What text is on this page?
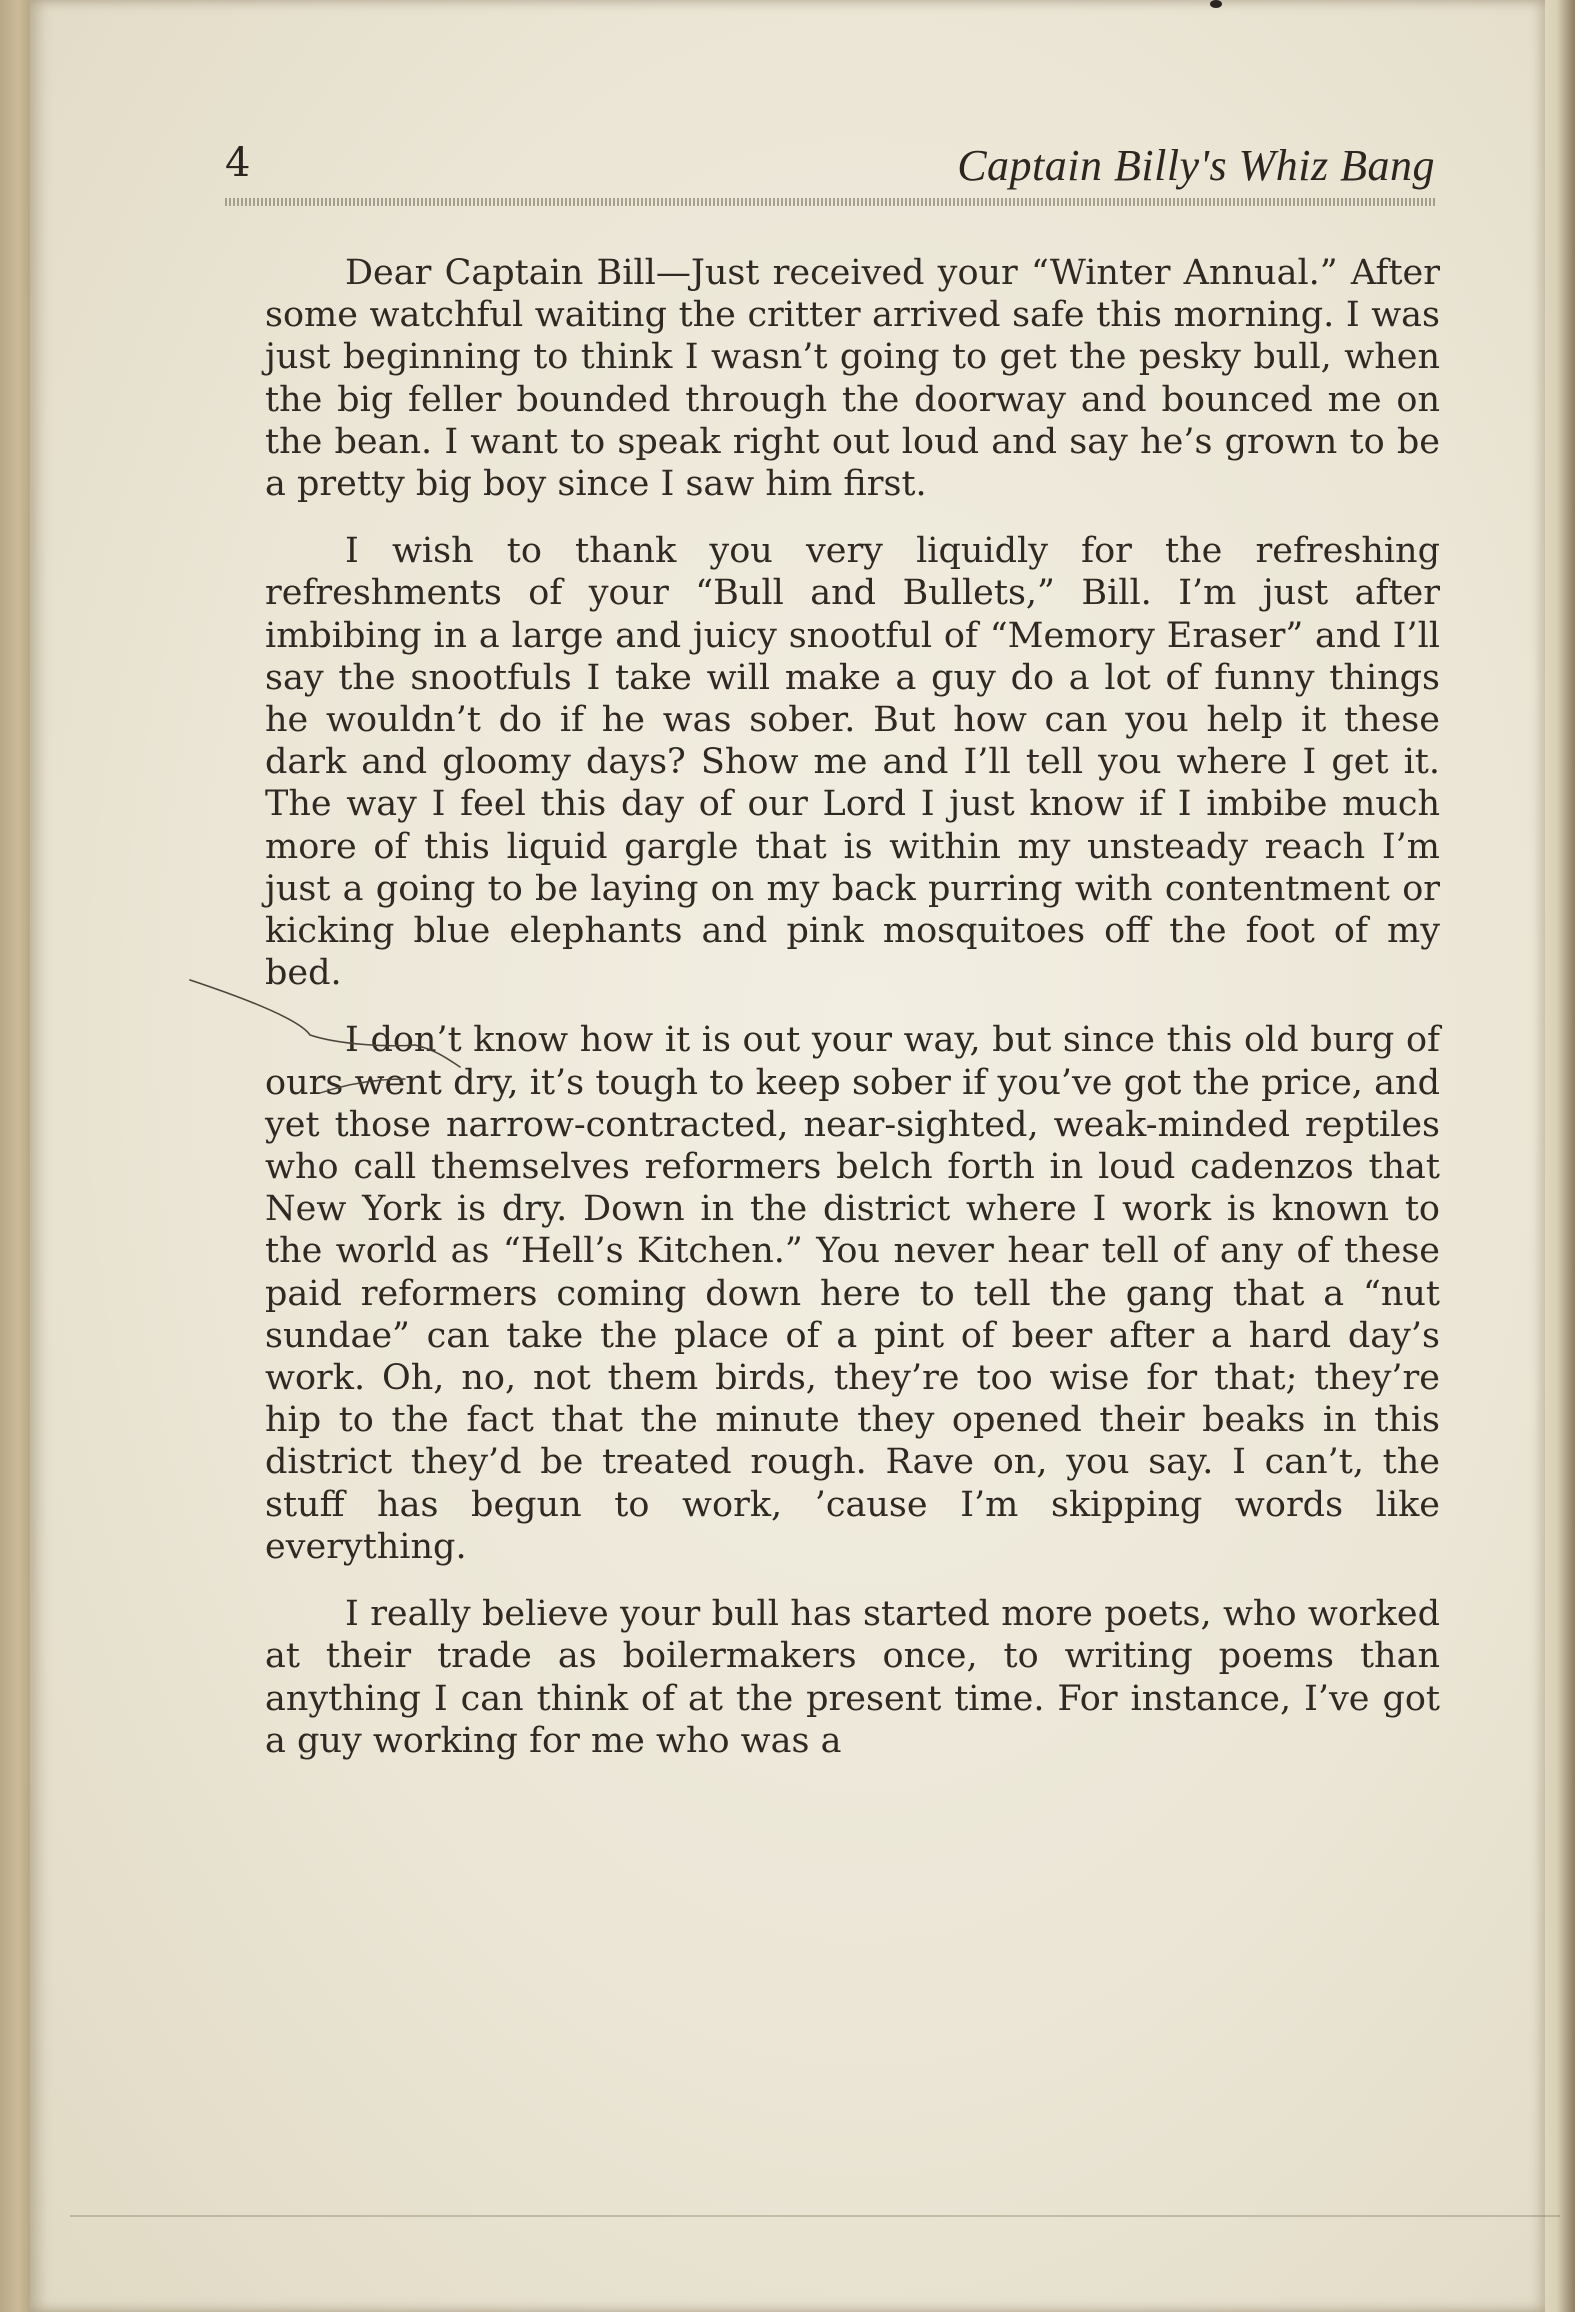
4	Captain Billy's Whiz Bang

Dear Captain Bill—Just received your “Winter Annual.” After some watchful waiting the critter arrived safe this morning. I was just beginning to think I wasn’t going to get the pesky bull, when the big feller bounded through the doorway and bounced me on the bean. I want to speak right out loud and say he’s grown to be a pretty big boy since I saw him first.

I wish to thank you very liquidly for the refreshing refreshments of your “Bull and Bullets,” Bill. I’m just after imbibing in a large and juicy snootful of “Memory Eraser” and I’ll say the snootfuls I take will make a guy do a lot of funny things he wouldn’t do if he was sober. But how can you help it these dark and gloomy days? Show me and I’ll tell you where I get it. The way I feel this day of our Lord I just know if I imbibe much more of this liquid gargle that is within my unsteady reach I’m just a going to be laying on my back purring with contentment or kicking blue elephants and pink mosquitoes off the foot of my bed.

I don’t know how it is out your way, but since this old burg of ours went dry, it’s tough to keep sober if you’ve got the price, and yet those narrow-contracted, near-sighted, weak-minded reptiles who call themselves reformers belch forth in loud cadenzos that New York is dry. Down in the district where I work is known to the world as “Hell’s Kitchen.” You never hear tell of any of these paid reformers coming down here to tell the gang that a “nut sundae” can take the place of a pint of beer after a hard day’s work. Oh, no, not them birds, they’re too wise for that; they’re hip to the fact that the minute they opened their beaks in this district they’d be treated rough. Rave on, you say. I can’t, the stuff has begun to work, ’cause I’m skipping words like everything.

I really believe your bull has started more poets, who worked at their trade as boilermakers once, to writing poems than anything I can think of at the present time. For instance, I’ve got a guy working for me who was a
